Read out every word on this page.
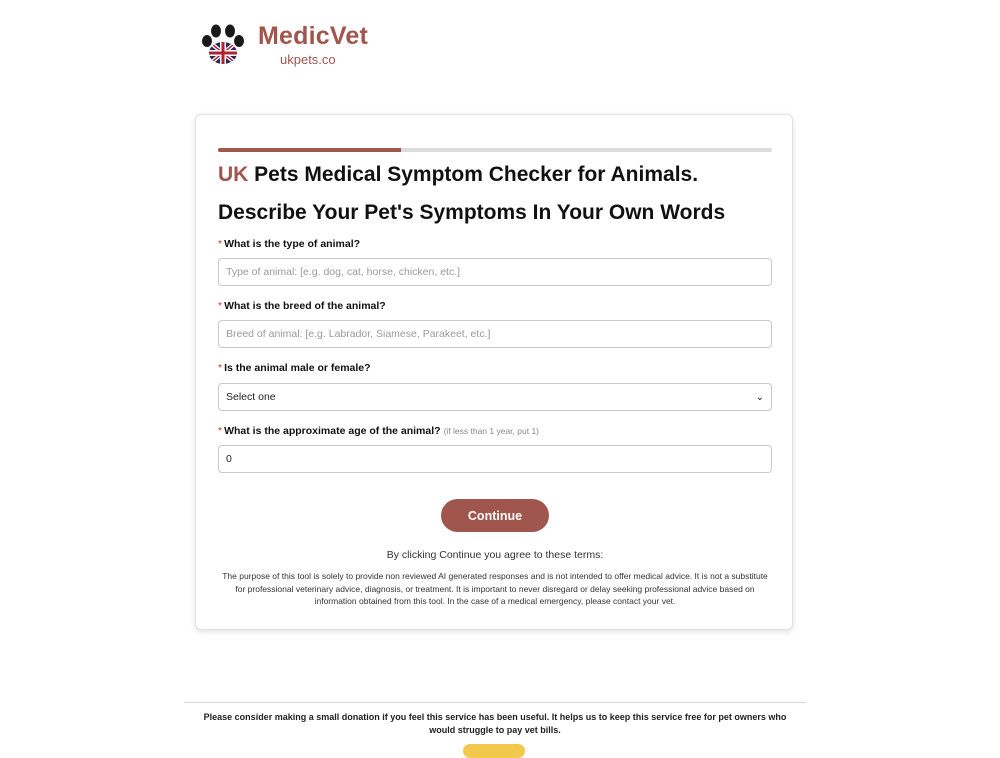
MedicVet
ukpets.co
UK Pets Medical Symptom Checker for Animals.
Describe Your Pet's Symptoms In Your Own Words
* What is the type of animal?
Type of animal: [e.g. dog, cat, horse, chicken, etc.]
* What is the breed of the animal?
Breed of animal: [e.g. Labrador, Siamese, Parakeet, etc.]
* Is the animal male or female?
Select one	⌄
* What is the approximate age of the animal? (if less than 1 year, put 1)
0
Continue
By clicking Continue you agree to these terms:

The purpose of this tool is solely to provide non reviewed AI generated responses and is not intended to offer medical advice. It is not a substitute for professional veterinary advice, diagnosis, or treatment. It is important to never disregard or delay seeking professional advice based on information obtained from this tool. In the case of a medical emergency, please contact your vet.

Please consider making a small donation if you feel this service has been useful. It helps us to keep this service free for pet owners who would struggle to pay vet bills.
